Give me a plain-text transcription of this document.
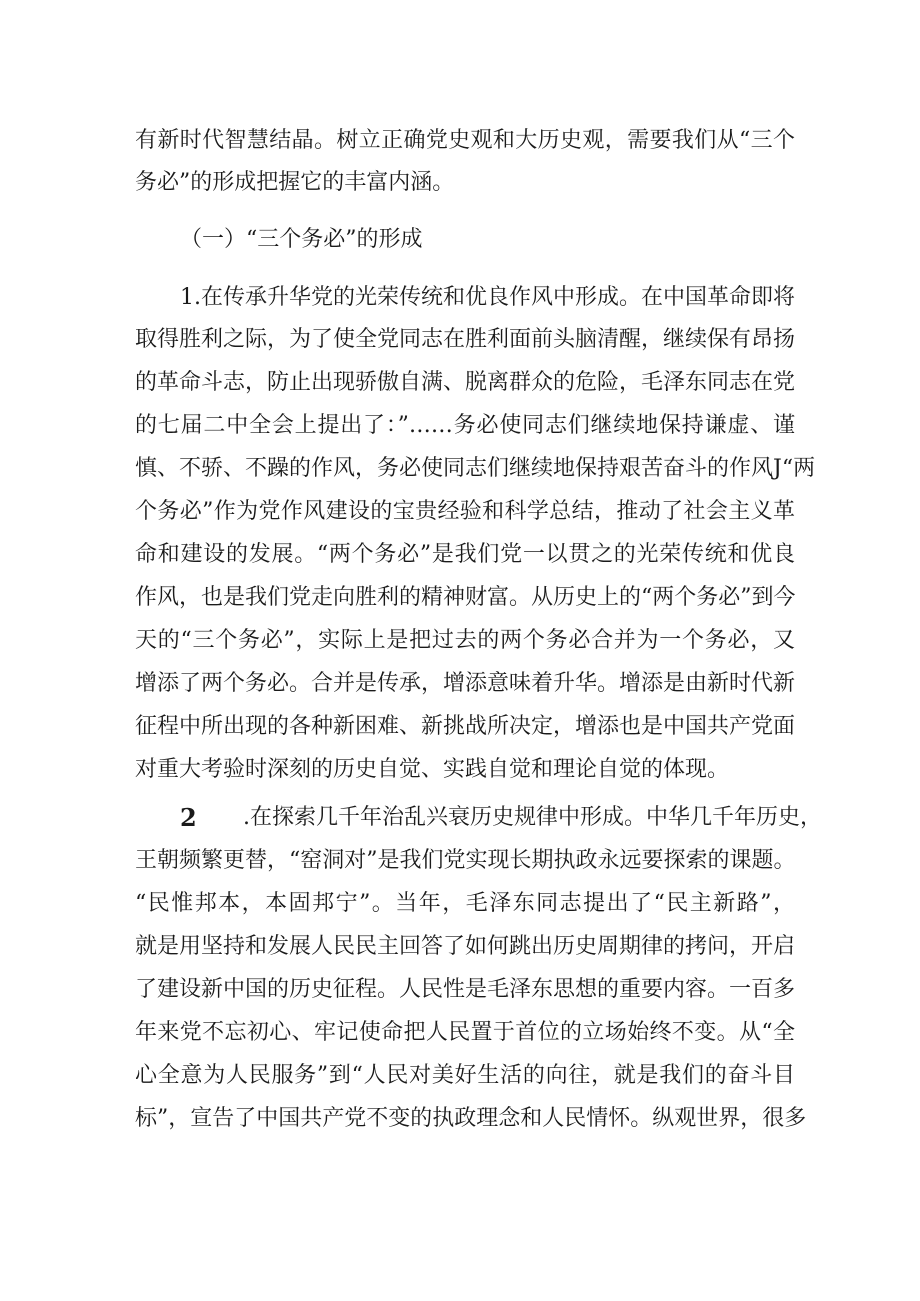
有新时代智慧结晶。树立正确党史观和大历史观，需要我们从“三个
务必”的形成把握它的丰富内涵。
（一）“三个务必”的形成
1.在传承升华党的光荣传统和优良作风中形成。在中国革命即将
取得胜利之际，为了使全党同志在胜利面前头脑清醒，继续保有昂扬
的革命斗志，防止出现骄傲自满、脱离群众的危险，毛泽东同志在党
的七届二中全会上提出了：”……务必使同志们继续地保持谦虚、谨
慎、不骄、不躁的作风，务必使同志们继续地保持艰苦奋斗的作风J“两
个务必”作为党作风建设的宝贵经验和科学总结，推动了社会主义革
命和建设的发展。“两个务必”是我们党一以贯之的光荣传统和优良
作风，也是我们党走向胜利的精神财富。从历史上的“两个务必”到今
天的“三个务必”，实际上是把过去的两个务必合并为一个务必，又
增添了两个务必。合并是传承，增添意味着升华。增添是由新时代新
征程中所出现的各种新困难、新挑战所决定，增添也是中国共产党面
对重大考验时深刻的历史自觉、实践自觉和理论自觉的体现。
2 .在探索几千年治乱兴衰历史规律中形成。中华几千年历史，
王朝频繁更替，“窑洞对”是我们党实现长期执政永远要探索的课题。
“民惟邦本，本固邦宁”。当年，毛泽东同志提出了“民主新路”，
就是用坚持和发展人民民主回答了如何跳出历史周期律的拷问，开启
了建设新中国的历史征程。人民性是毛泽东思想的重要内容。一百多
年来党不忘初心、牢记使命把人民置于首位的立场始终不变。从“全
心全意为人民服务”到“人民对美好生活的向往，就是我们的奋斗目
标”，宣告了中国共产党不变的执政理念和人民情怀。纵观世界，很多
